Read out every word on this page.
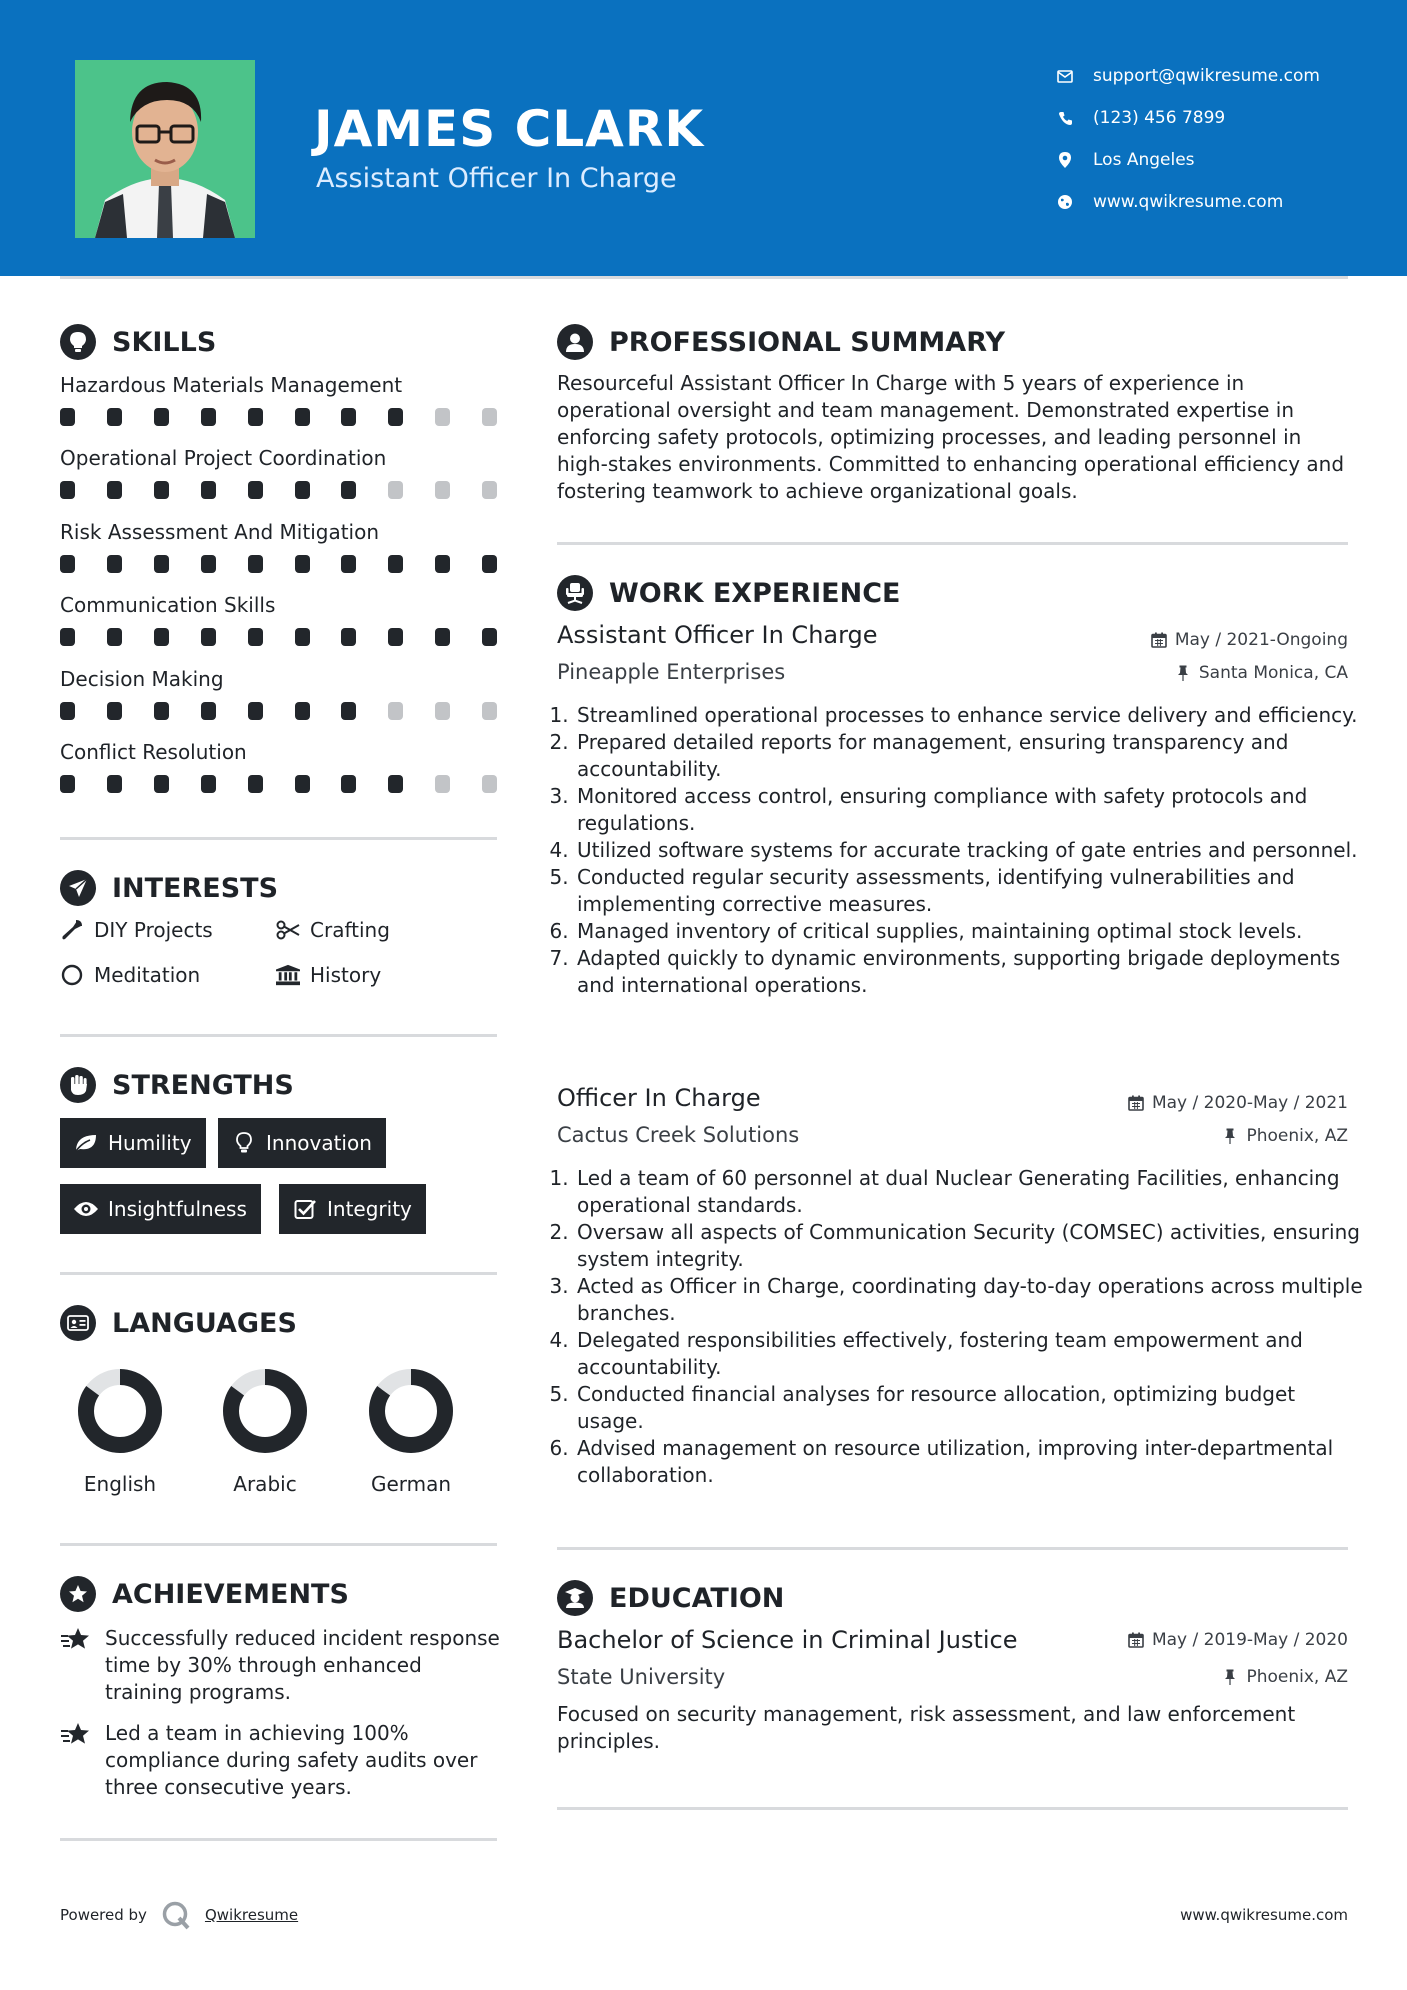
JAMES CLARK
Assistant Officer In Charge
support@qwikresume.com
(123) 456 7899
Los Angeles
www.qwikresume.com
SKILLS
Hazardous Materials Management
Operational Project Coordination
Risk Assessment And Mitigation
Communication Skills
Decision Making
Conflict Resolution
INTERESTS
DIY Projects	Crafting
Meditation	History
STRENGTHS
Humility	Innovation
Insightfulness	Integrity
LANGUAGES
English	Arabic	German
ACHIEVEMENTS
Successfully reduced incident response time by 30% through enhanced training programs.
Led a team in achieving 100% compliance during safety audits over three consecutive years.
PROFESSIONAL SUMMARY
Resourceful Assistant Officer In Charge with 5 years of experience in operational oversight and team management. Demonstrated expertise in enforcing safety protocols, optimizing processes, and leading personnel in high-stakes environments. Committed to enhancing operational efficiency and fostering teamwork to achieve organizational goals.
WORK EXPERIENCE
Assistant Officer In Charge	May / 2021-Ongoing
Pineapple Enterprises	Santa Monica, CA
1. Streamlined operational processes to enhance service delivery and efficiency.
2. Prepared detailed reports for management, ensuring transparency and accountability.
3. Monitored access control, ensuring compliance with safety protocols and regulations.
4. Utilized software systems for accurate tracking of gate entries and personnel.
5. Conducted regular security assessments, identifying vulnerabilities and implementing corrective measures.
6. Managed inventory of critical supplies, maintaining optimal stock levels.
7. Adapted quickly to dynamic environments, supporting brigade deployments and international operations.
Officer In Charge	May / 2020-May / 2021
Cactus Creek Solutions	Phoenix, AZ
1. Led a team of 60 personnel at dual Nuclear Generating Facilities, enhancing operational standards.
2. Oversaw all aspects of Communication Security (COMSEC) activities, ensuring system integrity.
3. Acted as Officer in Charge, coordinating day-to-day operations across multiple branches.
4. Delegated responsibilities effectively, fostering team empowerment and accountability.
5. Conducted financial analyses for resource allocation, optimizing budget usage.
6. Advised management on resource utilization, improving inter-departmental collaboration.
EDUCATION
Bachelor of Science in Criminal Justice	May / 2019-May / 2020
State University	Phoenix, AZ
Focused on security management, risk assessment, and law enforcement principles.
Powered by	Qwikresume	www.qwikresume.com
